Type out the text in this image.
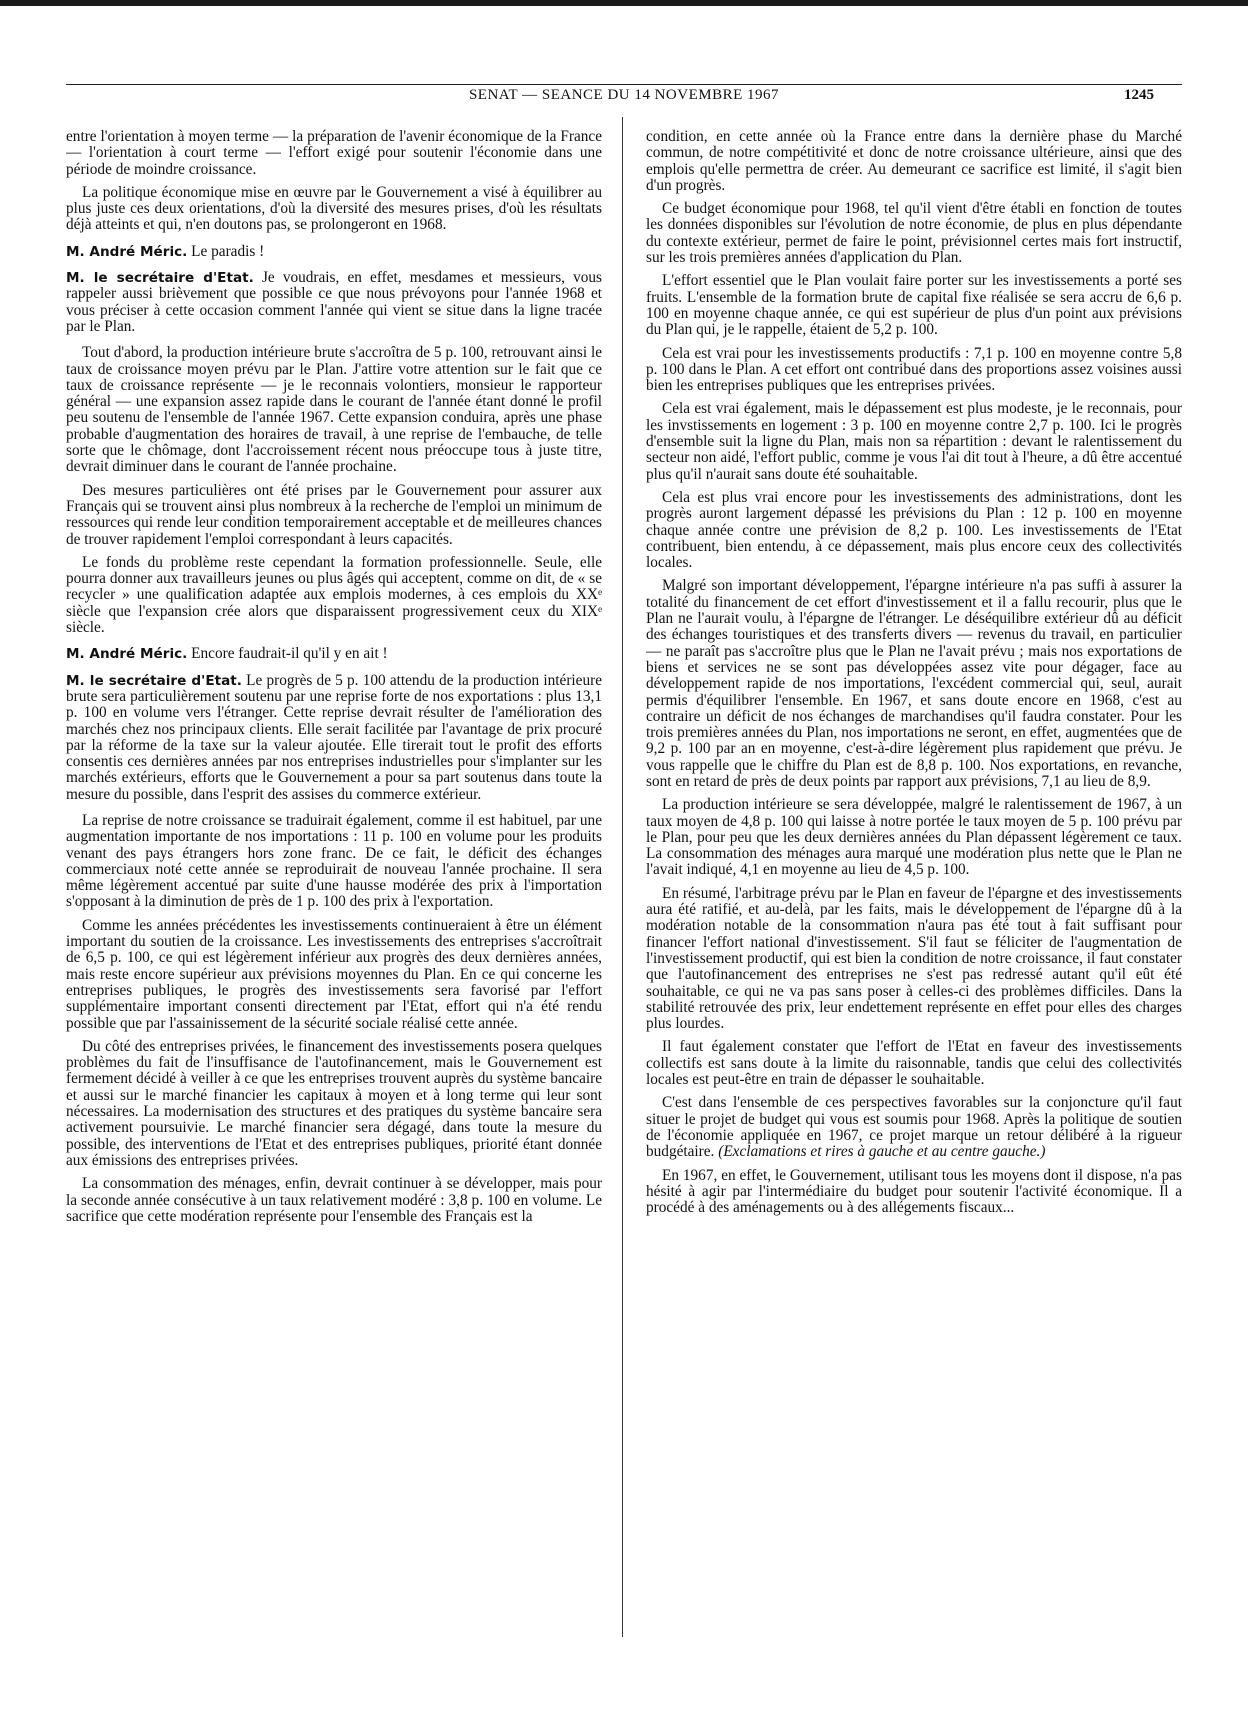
SENAT — SEANCE DU 14 NOVEMBRE 1967	1245

entre l'orientation à moyen terme — la préparation de l'avenir économique de la France — l'orientation à court terme — l'effort exigé pour soutenir l'économie dans une période de moindre croissance.

La politique économique mise en œuvre par le Gouvernement a visé à équilibrer au plus juste ces deux orientations, d'où la diversité des mesures prises, d'où les résultats déjà atteints et qui, n'en doutons pas, se prolongeront en 1968.

M. André Méric. Le paradis !

M. le secrétaire d'Etat. Je voudrais, en effet, mesdames et messieurs, vous rappeler aussi brièvement que possible ce que nous prévoyons pour l'année 1968 et vous préciser à cette occasion comment l'année qui vient se situe dans la ligne tracée par le Plan.

Tout d'abord, la production intérieure brute s'accroîtra de 5 p. 100, retrouvant ainsi le taux de croissance moyen prévu par le Plan. J'attire votre attention sur le fait que ce taux de croissance représente — je le reconnais volontiers, monsieur le rapporteur général — une expansion assez rapide dans le courant de l'année étant donné le profil peu soutenu de l'ensemble de l'année 1967. Cette expansion conduira, après une phase probable d'augmentation des horaires de travail, à une reprise de l'embauche, de telle sorte que le chômage, dont l'accroissement récent nous préoccupe tous à juste titre, devrait diminuer dans le courant de l'année prochaine.

Des mesures particulières ont été prises par le Gouvernement pour assurer aux Français qui se trouvent ainsi plus nombreux à la recherche de l'emploi un minimum de ressources qui rende leur condition temporairement acceptable et de meilleures chances de trouver rapidement l'emploi correspondant à leurs capacités.

Le fonds du problème reste cependant la formation professionnelle. Seule, elle pourra donner aux travailleurs jeunes ou plus âgés qui acceptent, comme on dit, de « se recycler » une qualification adaptée aux emplois modernes, à ces emplois du XXᵉ siècle que l'expansion crée alors que disparaissent progressivement ceux du XIXᵉ siècle.

M. André Méric. Encore faudrait-il qu'il y en ait !

M. le secrétaire d'Etat. Le progrès de 5 p. 100 attendu de la production intérieure brute sera particulièrement soutenu par une reprise forte de nos exportations : plus 13,1 p. 100 en volume vers l'étranger. Cette reprise devrait résulter de l'amélioration des marchés chez nos principaux clients. Elle serait facilitée par l'avantage de prix procuré par la réforme de la taxe sur la valeur ajoutée. Elle tirerait tout le profit des efforts consentis ces dernières années par nos entreprises industrielles pour s'implanter sur les marchés extérieurs, efforts que le Gouvernement a pour sa part soutenus dans toute la mesure du possible, dans l'esprit des assises du commerce extérieur.

La reprise de notre croissance se traduirait également, comme il est habituel, par une augmentation importante de nos importations : 11 p. 100 en volume pour les produits venant des pays étrangers hors zone franc. De ce fait, le déficit des échanges commerciaux noté cette année se reproduirait de nouveau l'année prochaine. Il sera même légèrement accentué par suite d'une hausse modérée des prix à l'importation s'opposant à la diminution de près de 1 p. 100 des prix à l'exportation.

Comme les années précédentes les investissements continueraient à être un élément important du soutien de la croissance. Les investissements des entreprises s'accroîtrait de 6,5 p. 100, ce qui est légèrement inférieur aux progrès des deux dernières années, mais reste encore supérieur aux prévisions moyennes du Plan. En ce qui concerne les entreprises publiques, le progrès des investissements sera favorisé par l'effort supplémentaire important consenti directement par l'Etat, effort qui n'a été rendu possible que par l'assainissement de la sécurité sociale réalisé cette année.

Du côté des entreprises privées, le financement des investissements posera quelques problèmes du fait de l'insuffisance de l'autofinancement, mais le Gouvernement est fermement décidé à veiller à ce que les entreprises trouvent auprès du système bancaire et aussi sur le marché financier les capitaux à moyen et à long terme qui leur sont nécessaires. La modernisation des structures et des pratiques du système bancaire sera activement poursuivie. Le marché financier sera dégagé, dans toute la mesure du possible, des interventions de l'Etat et des entreprises publiques, priorité étant donnée aux émissions des entreprises privées.

La consommation des ménages, enfin, devrait continuer à se développer, mais pour la seconde année consécutive à un taux relativement modéré : 3,8 p. 100 en volume. Le sacrifice que cette modération représente pour l'ensemble des Français est la

condition, en cette année où la France entre dans la dernière phase du Marché commun, de notre compétitivité et donc de notre croissance ultérieure, ainsi que des emplois qu'elle permettra de créer. Au demeurant ce sacrifice est limité, il s'agit bien d'un progrès.

Ce budget économique pour 1968, tel qu'il vient d'être établi en fonction de toutes les données disponibles sur l'évolution de notre économie, de plus en plus dépendante du contexte extérieur, permet de faire le point, prévisionnel certes mais fort instructif, sur les trois premières années d'application du Plan.

L'effort essentiel que le Plan voulait faire porter sur les investissements a porté ses fruits. L'ensemble de la formation brute de capital fixe réalisée se sera accru de 6,6 p. 100 en moyenne chaque année, ce qui est supérieur de plus d'un point aux prévisions du Plan qui, je le rappelle, étaient de 5,2 p. 100.

Cela est vrai pour les investissements productifs : 7,1 p. 100 en moyenne contre 5,8 p. 100 dans le Plan. A cet effort ont contribué dans des proportions assez voisines aussi bien les entreprises publiques que les entreprises privées.

Cela est vrai également, mais le dépassement est plus modeste, je le reconnais, pour les invstissements en logement : 3 p. 100 en moyenne contre 2,7 p. 100. Ici le progrès d'ensemble suit la ligne du Plan, mais non sa répartition : devant le ralentissement du secteur non aidé, l'effort public, comme je vous l'ai dit tout à l'heure, a dû être accentué plus qu'il n'aurait sans doute été souhaitable.

Cela est plus vrai encore pour les investissements des administrations, dont les progrès auront largement dépassé les prévisions du Plan : 12 p. 100 en moyenne chaque année contre une prévision de 8,2 p. 100. Les investissements de l'Etat contribuent, bien entendu, à ce dépassement, mais plus encore ceux des collectivités locales.

Malgré son important développement, l'épargne intérieure n'a pas suffi à assurer la totalité du financement de cet effort d'investissement et il a fallu recourir, plus que le Plan ne l'aurait voulu, à l'épargne de l'étranger. Le déséquilibre extérieur dû au déficit des échanges touristiques et des transferts divers — revenus du travail, en particulier — ne paraît pas s'accroître plus que le Plan ne l'avait prévu ; mais nos exportations de biens et services ne se sont pas développées assez vite pour dégager, face au développement rapide de nos importations, l'excédent commercial qui, seul, aurait permis d'équilibrer l'ensemble. En 1967, et sans doute encore en 1968, c'est au contraire un déficit de nos échanges de marchandises qu'il faudra constater. Pour les trois premières années du Plan, nos importations ne seront, en effet, augmentées que de 9,2 p. 100 par an en moyenne, c'est-à-dire légèrement plus rapidement que prévu. Je vous rappelle que le chiffre du Plan est de 8,8 p. 100. Nos exportations, en revanche, sont en retard de près de deux points par rapport aux prévisions, 7,1 au lieu de 8,9.

La production intérieure se sera développée, malgré le ralentissement de 1967, à un taux moyen de 4,8 p. 100 qui laisse à notre portée le taux moyen de 5 p. 100 prévu par le Plan, pour peu que les deux dernières années du Plan dépassent légèrement ce taux. La consommation des ménages aura marqué une modération plus nette que le Plan ne l'avait indiqué, 4,1 en moyenne au lieu de 4,5 p. 100.

En résumé, l'arbitrage prévu par le Plan en faveur de l'épargne et des investissements aura été ratifié, et au-delà, par les faits, mais le développement de l'épargne dû à la modération notable de la consommation n'aura pas été tout à fait suffisant pour financer l'effort national d'investissement. S'il faut se féliciter de l'augmentation de l'investissement productif, qui est bien la condition de notre croissance, il faut constater que l'autofinancement des entreprises ne s'est pas redressé autant qu'il eût été souhaitable, ce qui ne va pas sans poser à celles-ci des problèmes difficiles. Dans la stabilité retrouvée des prix, leur endettement représente en effet pour elles des charges plus lourdes.

Il faut également constater que l'effort de l'Etat en faveur des investissements collectifs est sans doute à la limite du raisonnable, tandis que celui des collectivités locales est peut-être en train de dépasser le souhaitable.

C'est dans l'ensemble de ces perspectives favorables sur la conjoncture qu'il faut situer le projet de budget qui vous est soumis pour 1968. Après la politique de soutien de l'économie appliquée en 1967, ce projet marque un retour délibéré à la rigueur budgétaire. (Exclamations et rires à gauche et au centre gauche.)

En 1967, en effet, le Gouvernement, utilisant tous les moyens dont il dispose, n'a pas hésité à agir par l'intermédiaire du budget pour soutenir l'activité économique. Il a procédé à des aménagements ou à des allégements fiscaux...
